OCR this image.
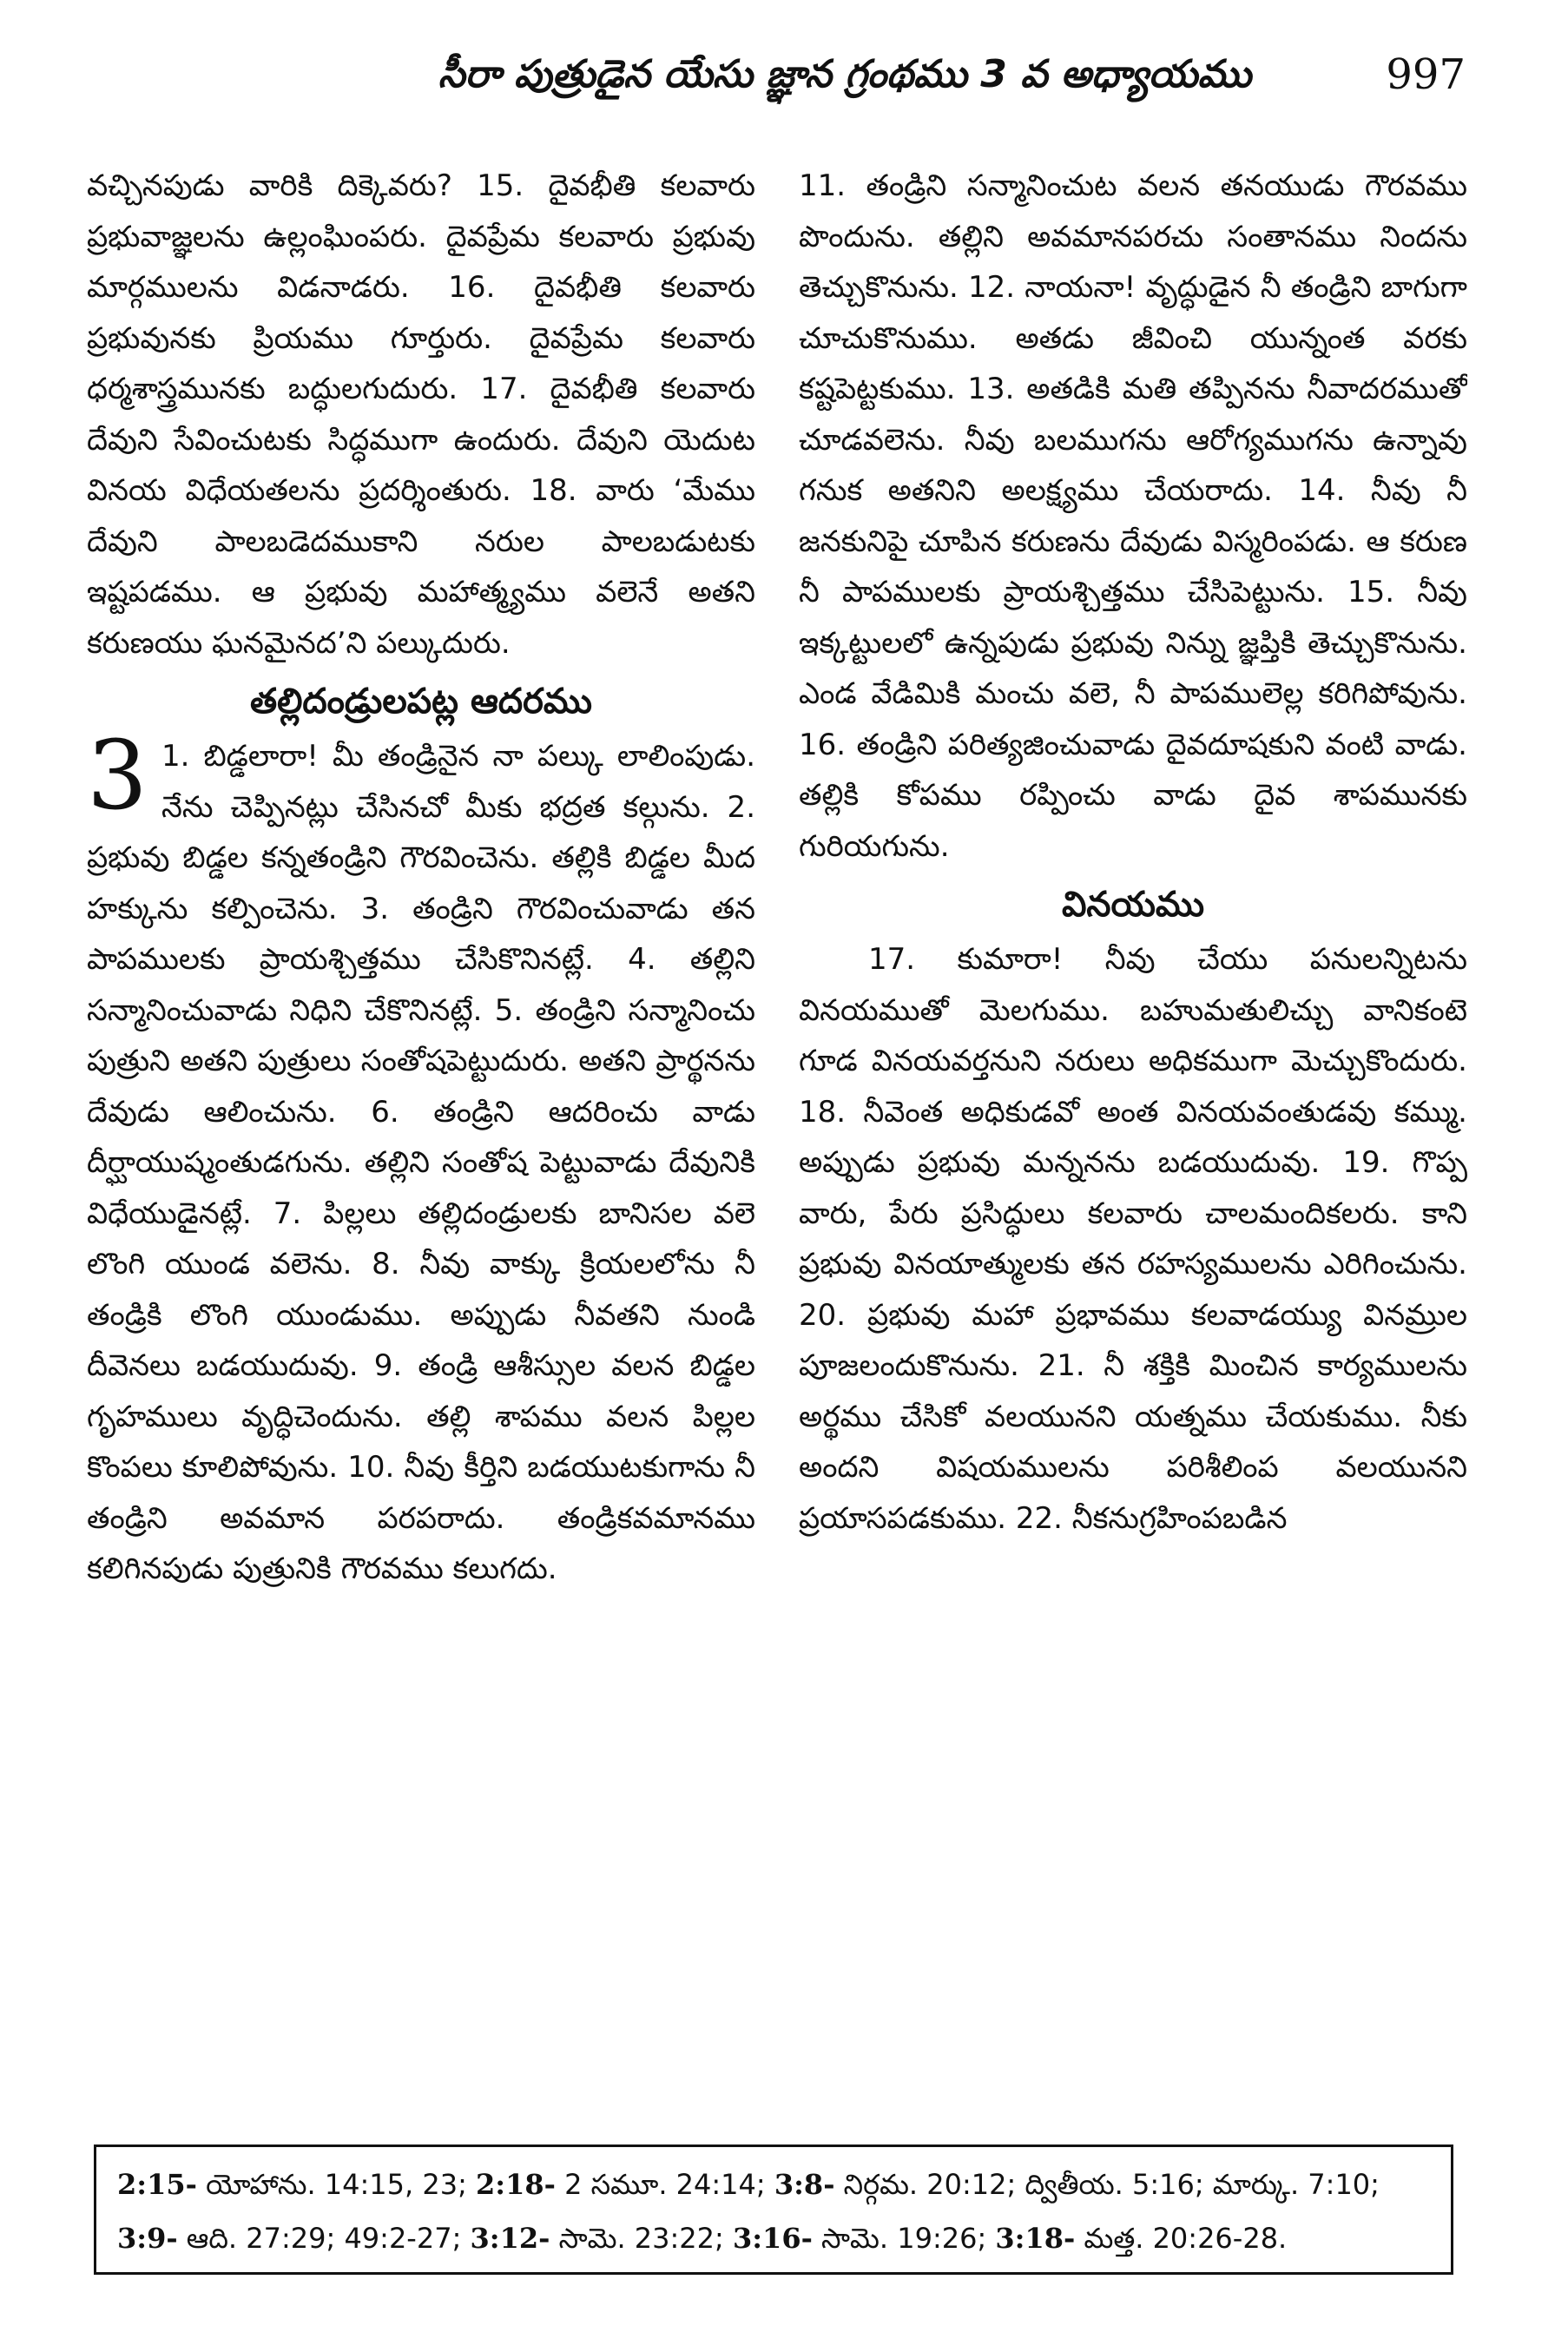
సీరా పుత్రుడైన యేసు జ్ఞాన గ్రంథము 3 వ అధ్యాయము	997

వచ్చినపుడు వారికి దిక్కెవరు? 15. దైవభీతి కలవారు ప్రభువాజ్ఞలను ఉల్లంఘింపరు. దైవప్రేమ కలవారు ప్రభువు మార్గములను విడనాడరు. 16. దైవభీతి కలవారు ప్రభువునకు ప్రియము గూర్తురు. దైవప్రేమ కలవారు ధర్మశాస్త్రమునకు బద్ధులగుదురు. 17. దైవభీతి కలవారు దేవుని సేవించుటకు సిద్ధముగా ఉందురు. దేవుని యెదుట వినయ విధేయతలను ప్రదర్శింతురు. 18. వారు ‘మేము దేవుని పాలబడెదముకాని నరుల పాలబడుటకు ఇష్టపడము. ఆ ప్రభువు మహాత్మ్యము వలెనే అతని కరుణయు ఘనమైనద’ని పల్కుదురు.

తల్లిదండ్రులపట్ల ఆదరము

3 1. బిడ్డలారా! మీ తండ్రినైన నా పల్కు లాలింపుడు. నేను చెప్పినట్లు చేసినచో మీకు భద్రత కల్గును. 2. ప్రభువు బిడ్డల కన్నతండ్రిని గౌరవించెను. తల్లికి బిడ్డల మీద హక్కును కల్పించెను. 3. తండ్రిని గౌరవించువాడు తన పాపములకు ప్రాయశ్చిత్తము చేసికొనినట్లే. 4. తల్లిని సన్మానించువాడు నిధిని చేకొనినట్లే. 5. తండ్రిని సన్మానించు పుత్రుని అతని పుత్రులు సంతోషపెట్టుదురు. అతని ప్రార్థనను దేవుడు ఆలించును. 6. తండ్రిని ఆదరించు వాడు దీర్ఘాయుష్మంతుడగును. తల్లిని సంతోష పెట్టువాడు దేవునికి విధేయుడైనట్లే. 7. పిల్లలు తల్లిదండ్రులకు బానిసల వలె లొంగి యుండ వలెను. 8. నీవు వాక్కు క్రియలలోను నీ తండ్రికి లొంగి యుండుము. అప్పుడు నీవతని నుండి దీవెనలు బడయుదువు. 9. తండ్రి ఆశీస్సుల వలన బిడ్డల గృహములు వృద్ధిచెందును. తల్లి శాపము వలన పిల్లల కొంపలు కూలిపోవును. 10. నీవు కీర్తిని బడయుటకుగాను నీ తండ్రిని అవమాన పరపరాదు. తండ్రికవమానము కలిగినపుడు పుత్రునికి గౌరవము కలుగదు.

11. తండ్రిని సన్మానించుట వలన తనయుడు గౌరవము పొందును. తల్లిని అవమానపరచు సంతానము నిందను తెచ్చుకొనును. 12. నాయనా! వృద్ధుడైన నీ తండ్రిని బాగుగా చూచుకొనుము. అతడు జీవించి యున్నంత వరకు కష్టపెట్టకుము. 13. అతడికి మతి తప్పినను నీవాదరముతో చూడవలెను. నీవు బలముగను ఆరోగ్యముగను ఉన్నావు గనుక అతనిని అలక్ష్యము చేయరాదు. 14. నీవు నీ జనకునిపై చూపిన కరుణను దేవుడు విస్మరింపడు. ఆ కరుణ నీ పాపములకు ప్రాయశ్చిత్తము చేసిపెట్టును. 15. నీవు ఇక్కట్టులలో ఉన్నపుడు ప్రభువు నిన్ను జ్ఞప్తికి తెచ్చుకొనును. ఎండ వేడిమికి మంచు వలె, నీ పాపములెల్ల కరిగిపోవును. 16. తండ్రిని పరిత్యజించువాడు దైవదూషకుని వంటి వాడు. తల్లికి కోపము రప్పించు వాడు దైవ శాపమునకు గురియగును.

వినయము

17. కుమారా! నీవు చేయు పనులన్నిటను వినయముతో మెలగుము. బహుమతులిచ్చు వానికంటె గూడ వినయవర్తనుని నరులు అధికముగా మెచ్చుకొందురు. 18. నీవెంత అధికుడవో అంత వినయవంతుడవు కమ్ము. అప్పుడు ప్రభువు మన్ననను బడయుదువు. 19. గొప్ప వారు, పేరు ప్రసిద్ధులు కలవారు చాలమందికలరు. కాని ప్రభువు వినయాత్ములకు తన రహస్యములను ఎరిగించును. 20. ప్రభువు మహా ప్రభావము కలవాడయ్యు వినమ్రుల పూజలందుకొనును. 21. నీ శక్తికి మించిన కార్యములను అర్థము చేసికో వలయునని యత్నము చేయకుము. నీకు అందని విషయములను పరిశీలింప వలయునని ప్రయాసపడకుము. 22. నీకనుగ్రహింపబడిన

2:15- యోహాను. 14:15, 23; 2:18- 2 సమూ. 24:14; 3:8- నిర్గమ. 20:12; ద్వితీయ. 5:16; మార్కు. 7:10; 3:9- ఆది. 27:29; 49:2-27; 3:12- సామె. 23:22; 3:16- సామె. 19:26; 3:18- మత్త. 20:26-28.
